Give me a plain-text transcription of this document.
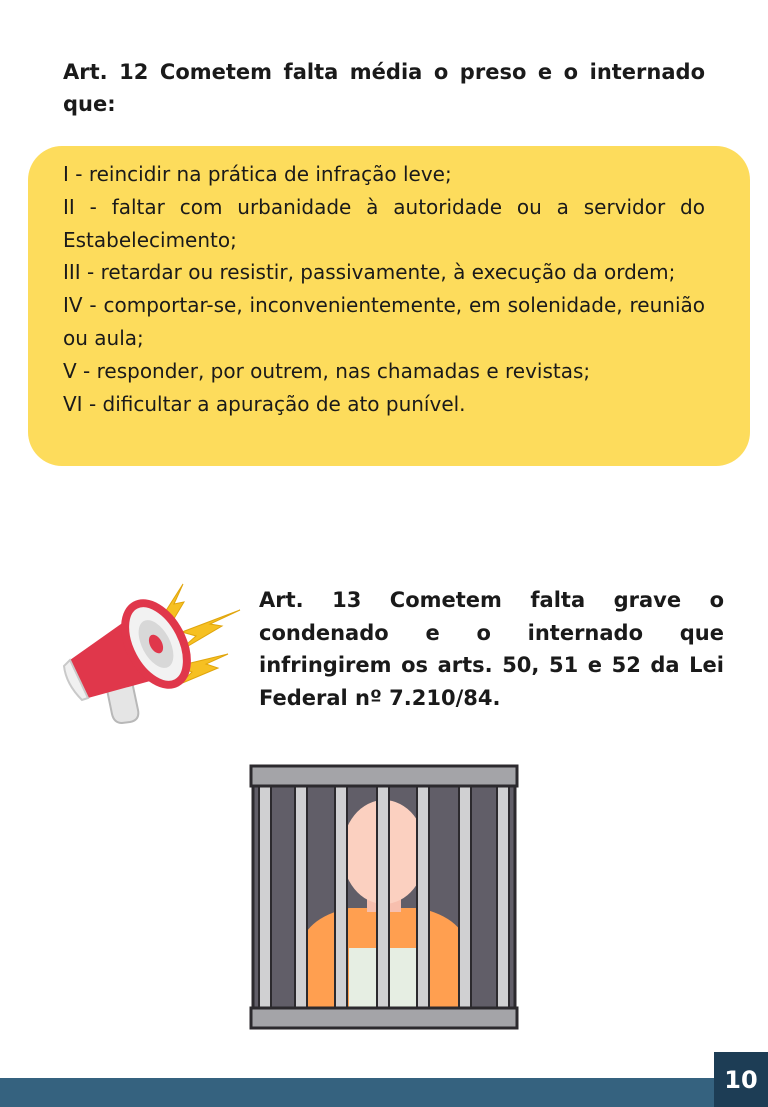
Art. 12 Cometem falta média o preso e o internado que:

I - reincidir na prática de infração leve;
II - faltar com urbanidade à autoridade ou a servidor do Estabelecimento;
III - retardar ou resistir, passivamente, à execução da ordem;
IV - comportar-se, inconvenientemente, em solenidade, reunião ou aula;
V - responder, por outrem, nas chamadas e revistas;
VI - dificultar a apuração de ato punível.

Art. 13 Cometem falta grave o condenado e o internado que infringirem os arts. 50, 51 e 52 da Lei Federal nº 7.210/84.

10
